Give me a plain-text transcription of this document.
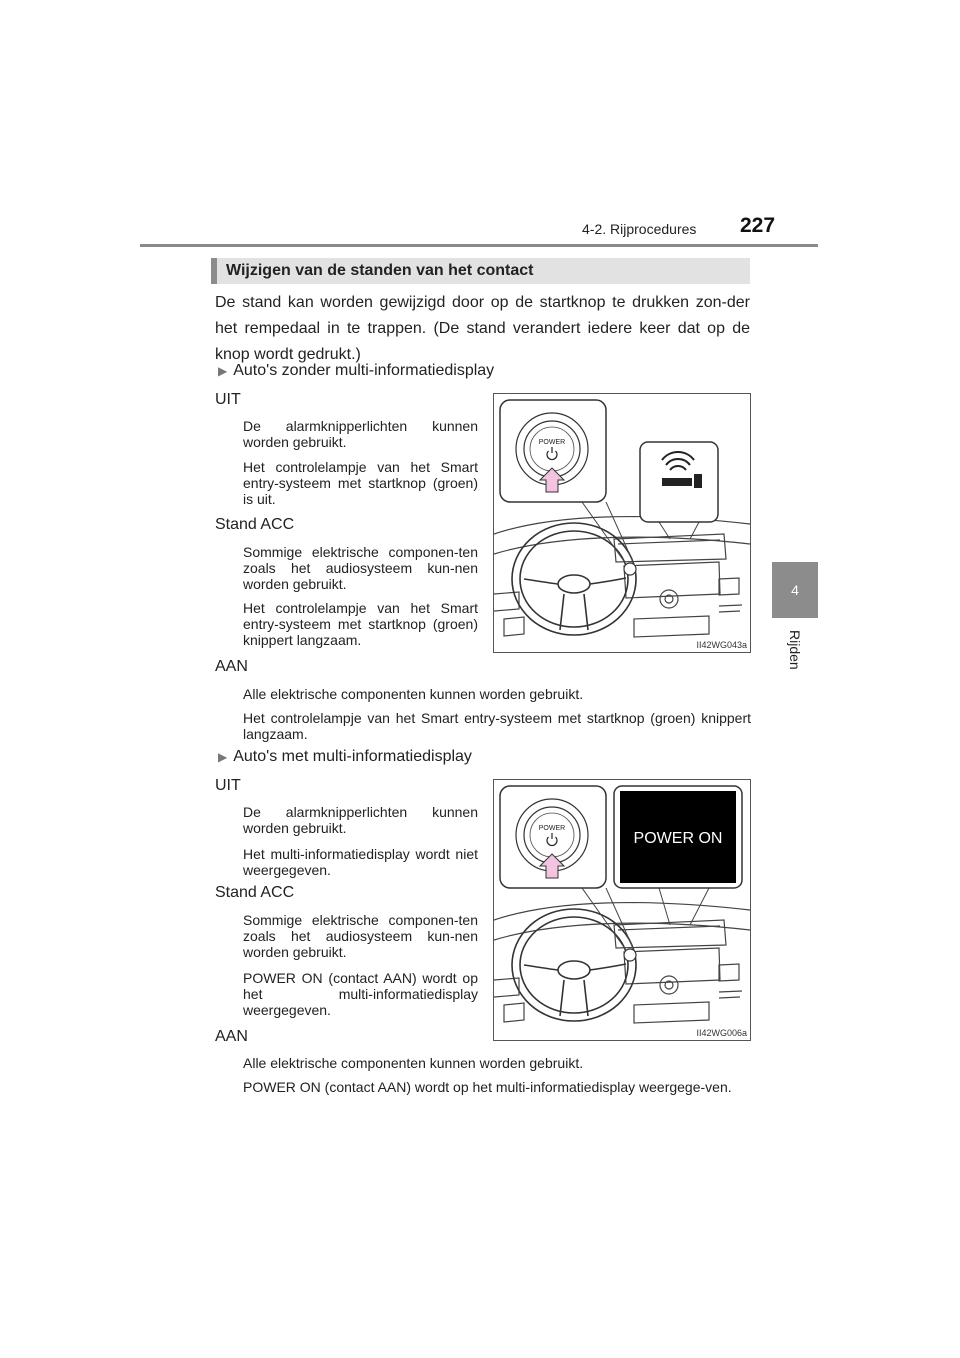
4-2. Rijprocedures 227
4
Rijden
Wijzigen van de standen van het contact
De stand kan worden gewijzigd door op de startknop te drukken zon-der het rempedaal in te trappen. (De stand verandert iedere keer dat op de knop wordt gedrukt.)
▶ Auto's zonder multi-informatiedisplay
UIT
De alarmknipperlichten kunnen worden gebruikt.
Het controlelampje van het Smart entry-systeem met startknop (groen) is uit.
Stand ACC
Sommige elektrische componen-ten zoals het audiosysteem kun-nen worden gebruikt.
Het controlelampje van het Smart entry-systeem met startknop (groen) knippert langzaam.
AAN
Alle elektrische componenten kunnen worden gebruikt.
Het controlelampje van het Smart entry-systeem met startknop (groen) knippert langzaam.
POWER
II42WG043a
▶ Auto's met multi-informatiedisplay
UIT
De alarmknipperlichten kunnen worden gebruikt.
Het multi-informatiedisplay wordt niet weergegeven.
Stand ACC
Sommige elektrische componen-ten zoals het audiosysteem kun-nen worden gebruikt.
POWER ON (contact AAN) wordt op het multi-informatiedisplay weergegeven.
AAN
Alle elektrische componenten kunnen worden gebruikt.
POWER ON (contact AAN) wordt op het multi-informatiedisplay weergege-ven.
POWER
POWER ON
II42WG006a
